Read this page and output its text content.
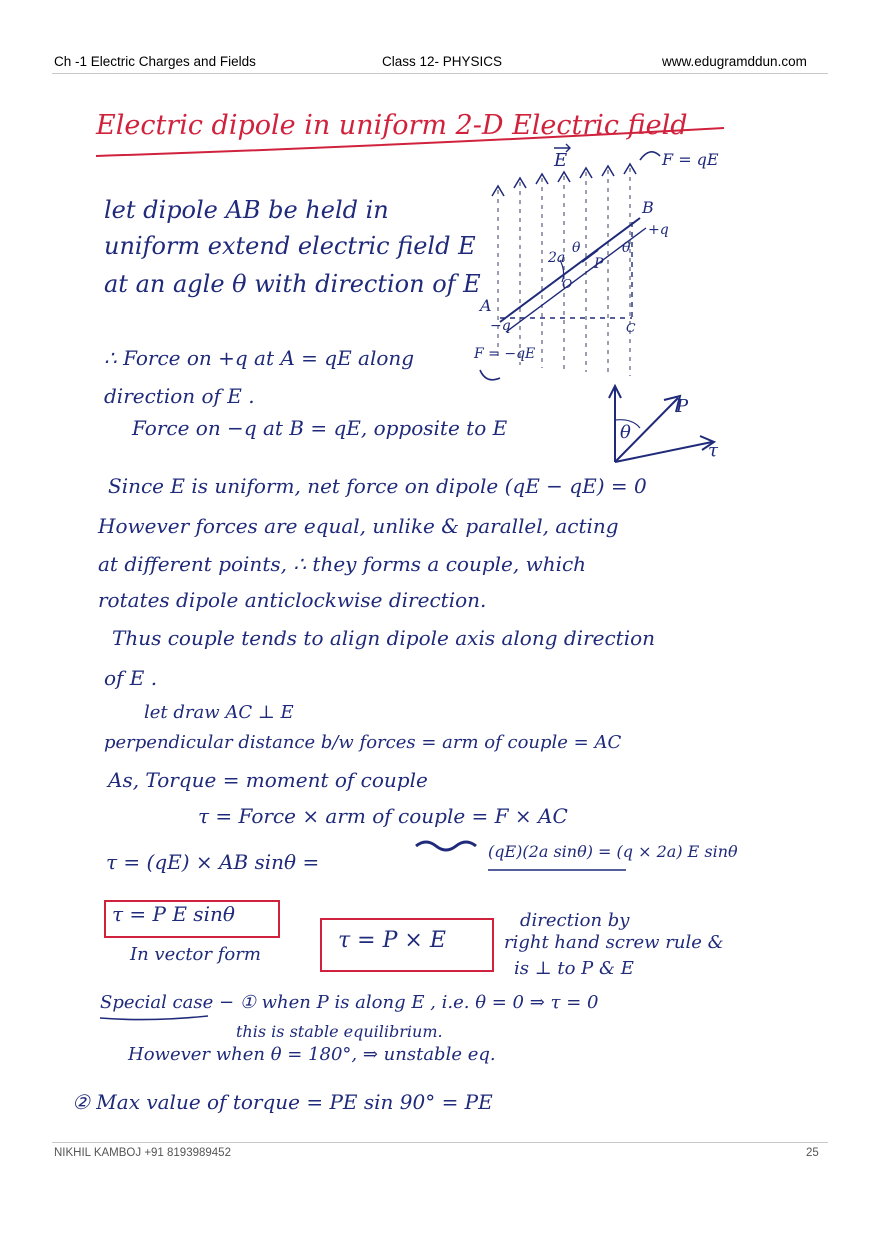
Ch -1 Electric Charges and Fields	Class 12- PHYSICS	www.edugramddun.com
Electric dipole in uniform 2-D Electric field
E	F = qE
B
+q
2a
θ	θ
P
O
A
−q	C
F = −qE
θ
P
τ
let dipole AB be held in
uniform extend electric field E
at an agle θ with direction of E
∴ Force on +q at A = qE along
direction of E .
Force on −q at B = qE, opposite to E
Since E is uniform, net force on dipole (qE − qE) = 0
However forces are equal, unlike & parallel, acting
at different points, ∴ they forms a couple, which
rotates dipole anticlockwise direction.
Thus couple tends to align dipole axis along direction
of E .
let draw AC ⊥ E
perpendicular distance b/w forces = arm of couple = AC
As, Torque = moment of couple
τ = Force × arm of couple = F × AC
τ = (qE) × AB sinθ =	(qE)(2a sinθ) = (q × 2a) E sinθ
τ = P E sinθ
In vector form
τ = P × E
direction by
right hand screw rule &
is ⊥ to P & E
Special case − ① when P is along E , i.e. θ = 0 ⇒ τ = 0
this is stable equilibrium.
However when θ = 180°, ⇒ unstable eq.
② Max value of torque = PE sin 90° = PE
NIKHIL KAMBOJ +91 8193989452	25
